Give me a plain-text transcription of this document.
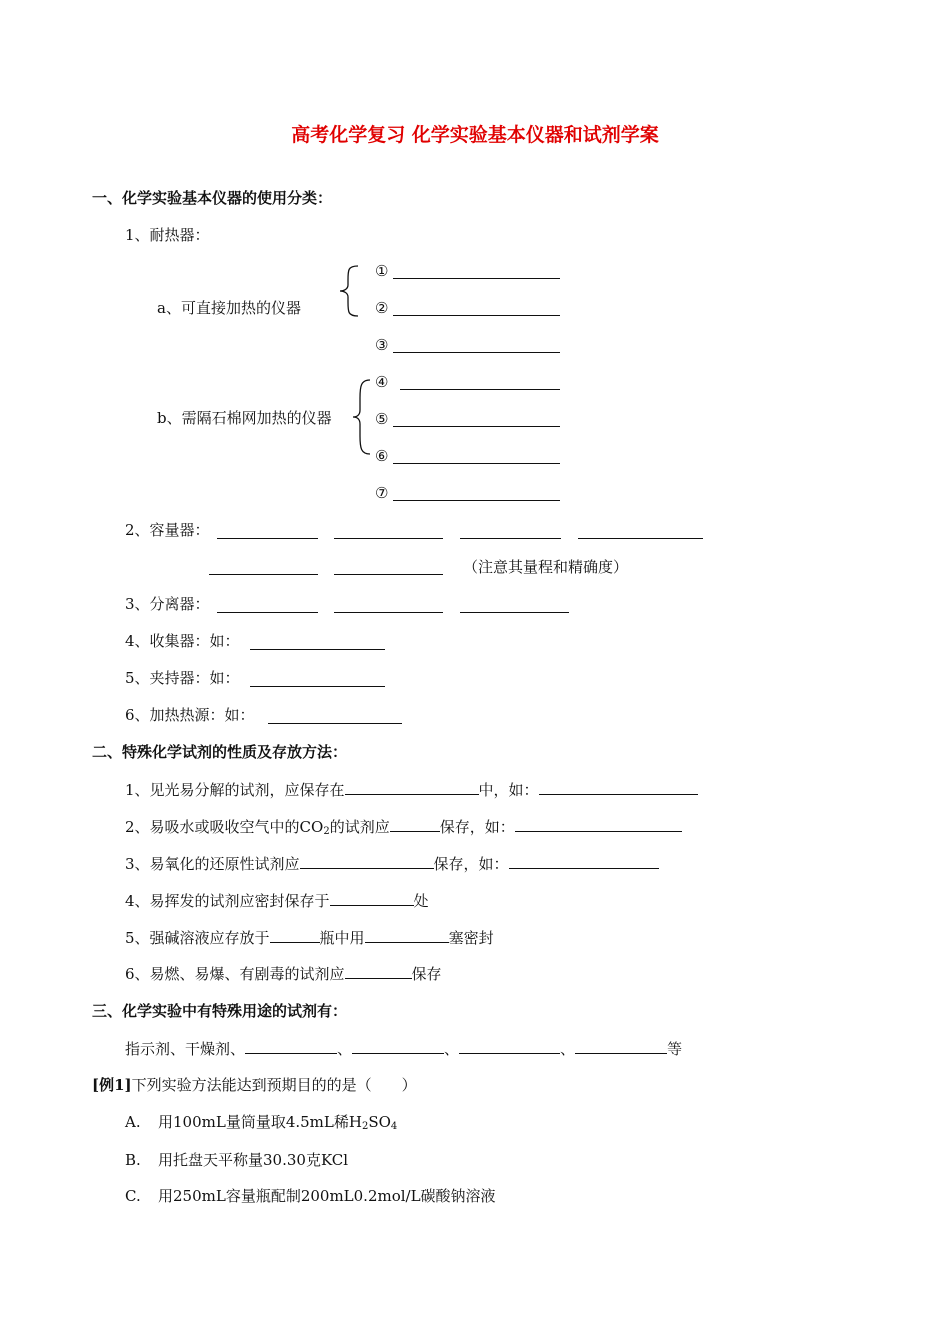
高考化学复习 化学实验基本仪器和试剂学案
一、化学实验基本仪器的使用分类：
1、耐热器：
a、可直接加热的仪器
①
②
③
b、需隔石棉网加热的仪器
④
⑤
⑥
⑦
2、容量器：
（注意其量程和精确度）
3、分离器：
4、收集器：如：
5、夹持器：如：
6、加热热源：如：
二、特殊化学试剂的性质及存放方法：
1、见光易分解的试剂，应保存在	中，如：
2、易吸水或吸收空气中的$CO_2$的试剂应	保存，如：
3、易氧化的还原性试剂应	保存，如：
4、易挥发的试剂应密封保存于	处
5、强碱溶液应存放于	瓶中用	塞密封
6、易燃、易爆、有剧毒的试剂应	保存
三、化学实验中有特殊用途的试剂有：
指示剂、干燥剂、	、	、	、	等
[例1]下列实验方法能达到预期目的的是（　　）
A. 用100mL量筒量取4.5mL稀$H_2SO_4$
B. 用托盘天平称量30.30克KCl
C. 用250mL容量瓶配制200mL0.2mol/L碳酸钠溶液
